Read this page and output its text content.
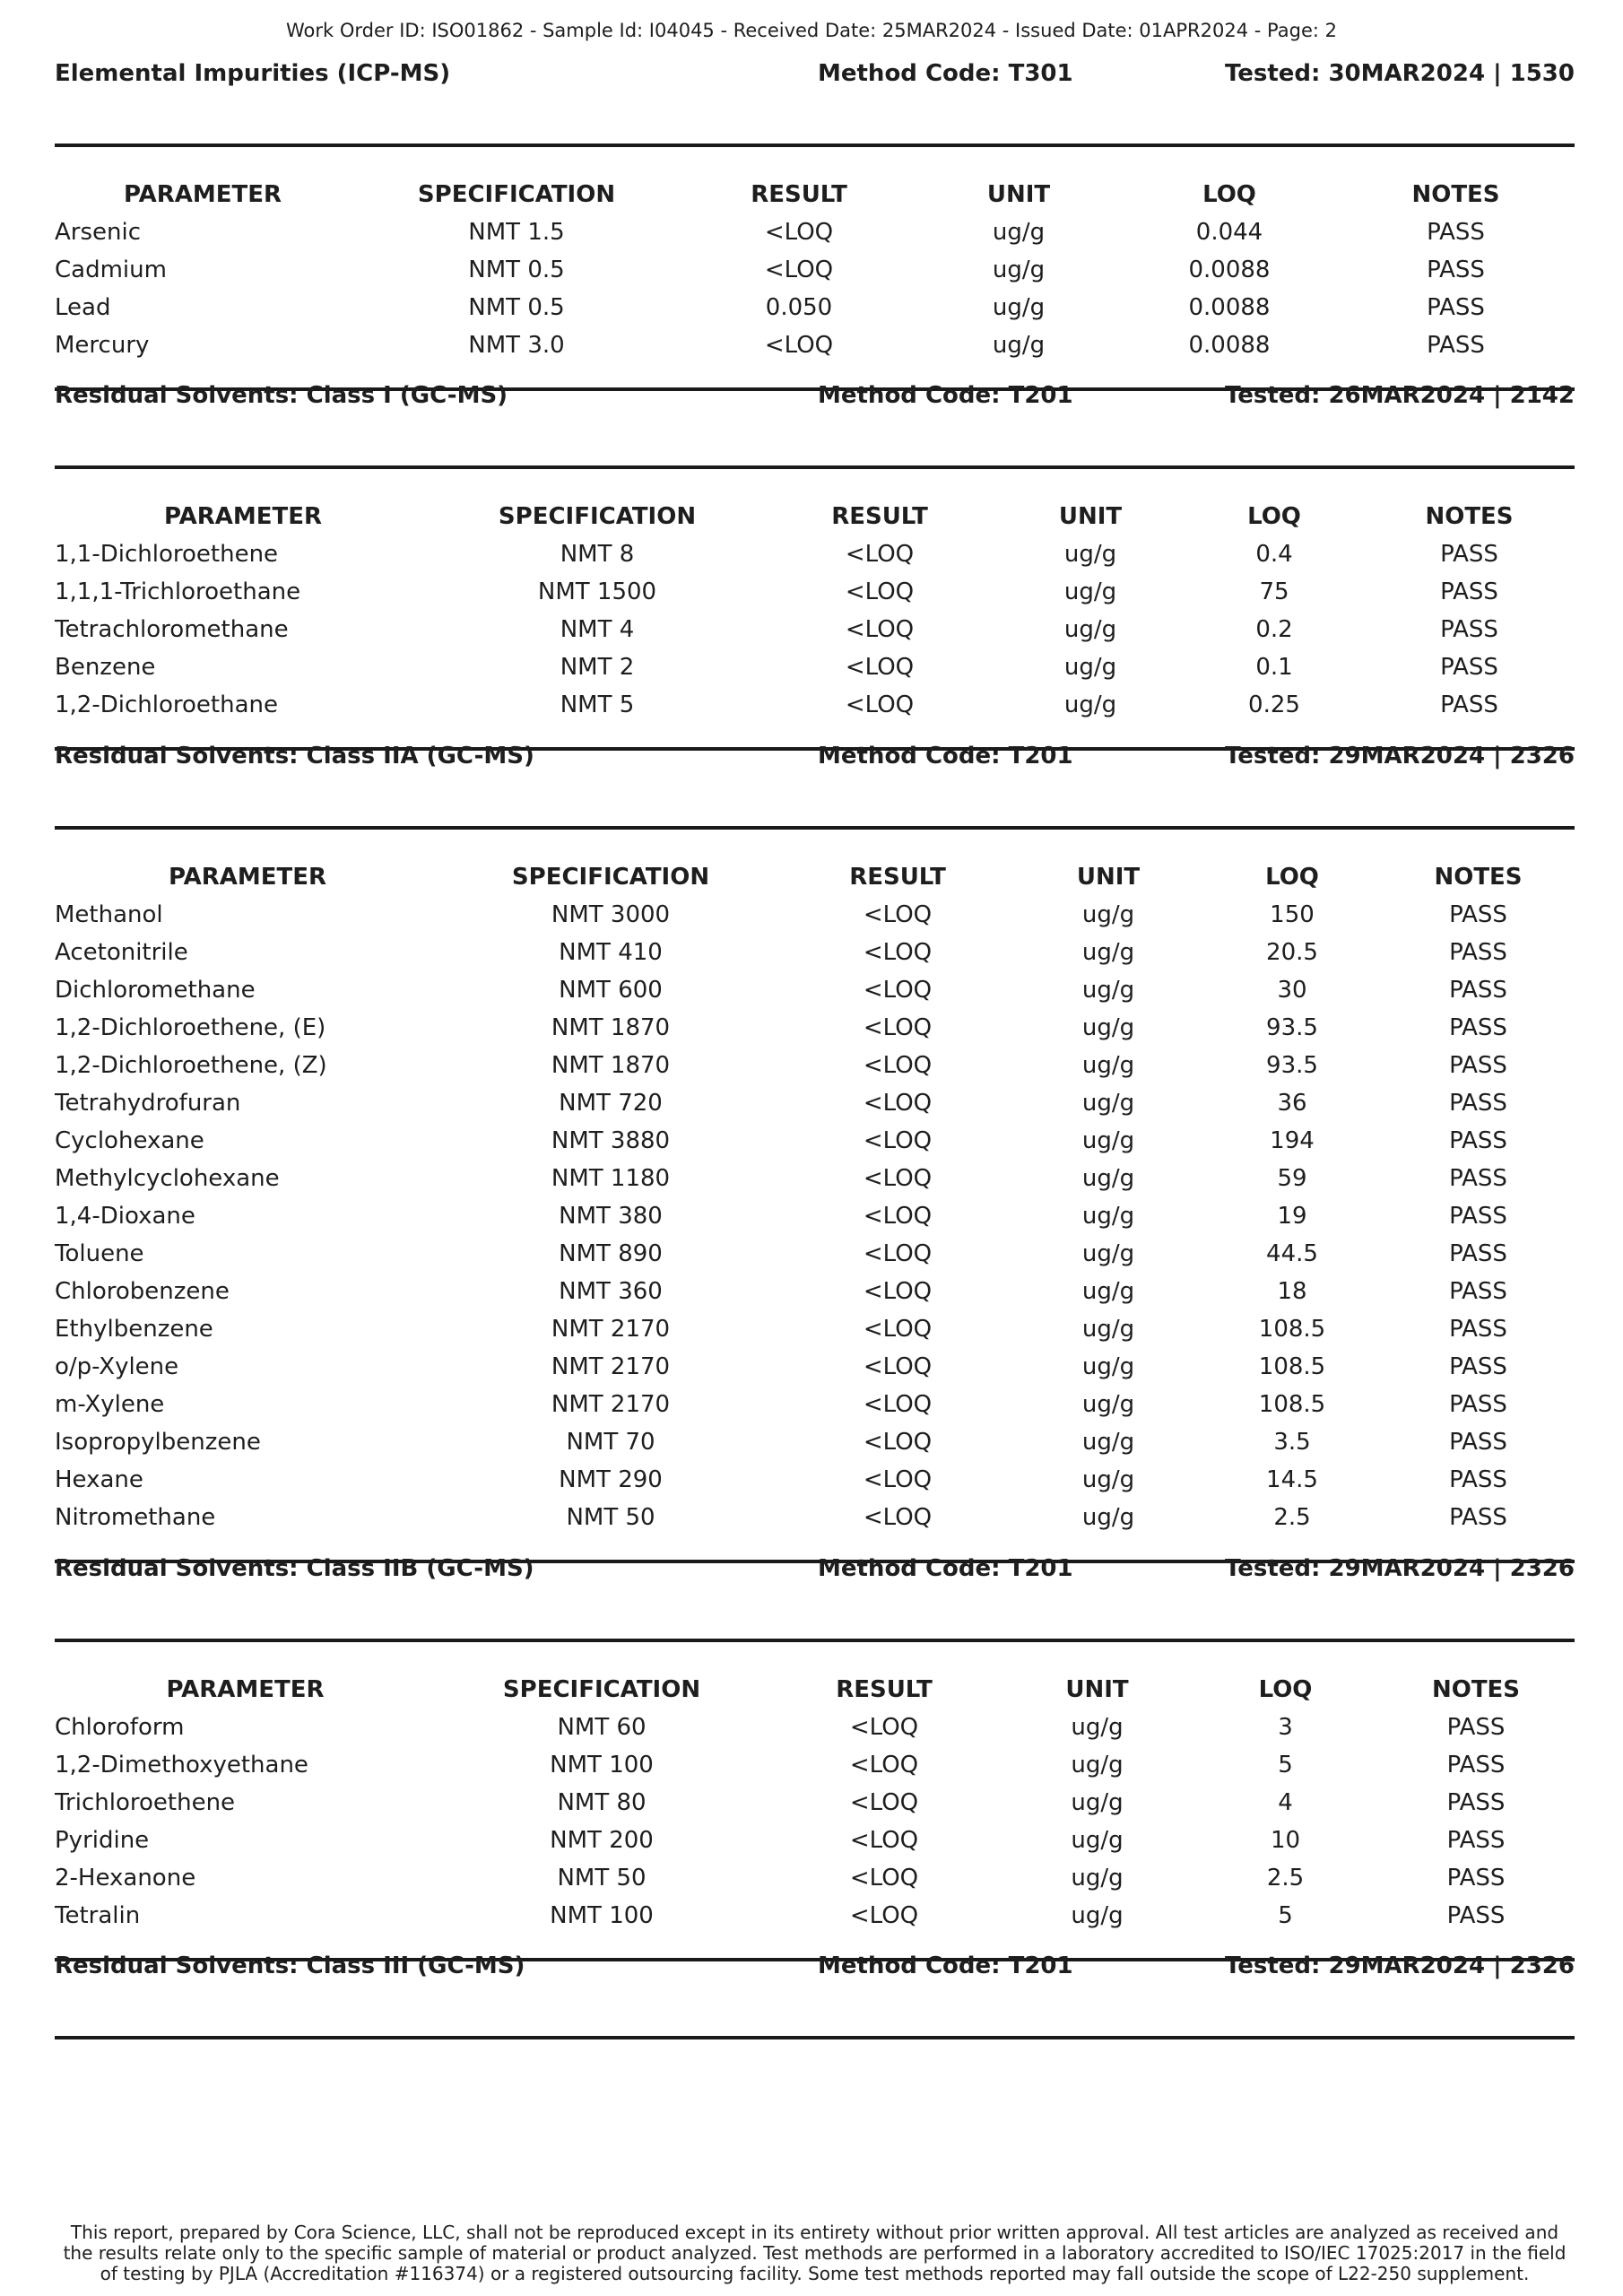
Work Order ID: ISO01862 - Sample Id: I04045 - Received Date: 25MAR2024 - Issued Date: 01APR2024 - Page: 2
Elemental Impurities (ICP-MS)	Method Code: T301	Tested: 30MAR2024 | 1530
PARAMETER	SPECIFICATION	RESULT	UNIT	LOQ	NOTES
Arsenic	NMT 1.5	<LOQ	ug/g	0.044	PASS
Cadmium	NMT 0.5	<LOQ	ug/g	0.0088	PASS
Lead	NMT 0.5	0.050	ug/g	0.0088	PASS
Mercury	NMT 3.0	<LOQ	ug/g	0.0088	PASS
Residual Solvents: Class I (GC-MS)	Method Code: T201	Tested: 26MAR2024 | 2142
PARAMETER	SPECIFICATION	RESULT	UNIT	LOQ	NOTES
1,1-Dichloroethene	NMT 8	<LOQ	ug/g	0.4	PASS
1,1,1-Trichloroethane	NMT 1500	<LOQ	ug/g	75	PASS
Tetrachloromethane	NMT 4	<LOQ	ug/g	0.2	PASS
Benzene	NMT 2	<LOQ	ug/g	0.1	PASS
1,2-Dichloroethane	NMT 5	<LOQ	ug/g	0.25	PASS
Residual Solvents: Class IIA (GC-MS)	Method Code: T201	Tested: 29MAR2024 | 2326
PARAMETER	SPECIFICATION	RESULT	UNIT	LOQ	NOTES
Methanol	NMT 3000	<LOQ	ug/g	150	PASS
Acetonitrile	NMT 410	<LOQ	ug/g	20.5	PASS
Dichloromethane	NMT 600	<LOQ	ug/g	30	PASS
1,2-Dichloroethene, (E)	NMT 1870	<LOQ	ug/g	93.5	PASS
1,2-Dichloroethene, (Z)	NMT 1870	<LOQ	ug/g	93.5	PASS
Tetrahydrofuran	NMT 720	<LOQ	ug/g	36	PASS
Cyclohexane	NMT 3880	<LOQ	ug/g	194	PASS
Methylcyclohexane	NMT 1180	<LOQ	ug/g	59	PASS
1,4-Dioxane	NMT 380	<LOQ	ug/g	19	PASS
Toluene	NMT 890	<LOQ	ug/g	44.5	PASS
Chlorobenzene	NMT 360	<LOQ	ug/g	18	PASS
Ethylbenzene	NMT 2170	<LOQ	ug/g	108.5	PASS
o/p-Xylene	NMT 2170	<LOQ	ug/g	108.5	PASS
m-Xylene	NMT 2170	<LOQ	ug/g	108.5	PASS
Isopropylbenzene	NMT 70	<LOQ	ug/g	3.5	PASS
Hexane	NMT 290	<LOQ	ug/g	14.5	PASS
Nitromethane	NMT 50	<LOQ	ug/g	2.5	PASS
Residual Solvents: Class IIB (GC-MS)	Method Code: T201	Tested: 29MAR2024 | 2326
PARAMETER	SPECIFICATION	RESULT	UNIT	LOQ	NOTES
Chloroform	NMT 60	<LOQ	ug/g	3	PASS
1,2-Dimethoxyethane	NMT 100	<LOQ	ug/g	5	PASS
Trichloroethene	NMT 80	<LOQ	ug/g	4	PASS
Pyridine	NMT 200	<LOQ	ug/g	10	PASS
2-Hexanone	NMT 50	<LOQ	ug/g	2.5	PASS
Tetralin	NMT 100	<LOQ	ug/g	5	PASS
Residual Solvents: Class III (GC-MS)	Method Code: T201	Tested: 29MAR2024 | 2326
This report, prepared by Cora Science, LLC, shall not be reproduced except in its entirety without prior written approval. All test articles are analyzed as received and the results relate only to the specific sample of material or product analyzed. Test methods are performed in a laboratory accredited to ISO/IEC 17025:2017 in the field of testing by PJLA (Accreditation #116374) or a registered outsourcing facility. Some test methods reported may fall outside the scope of L22-250 supplement.
